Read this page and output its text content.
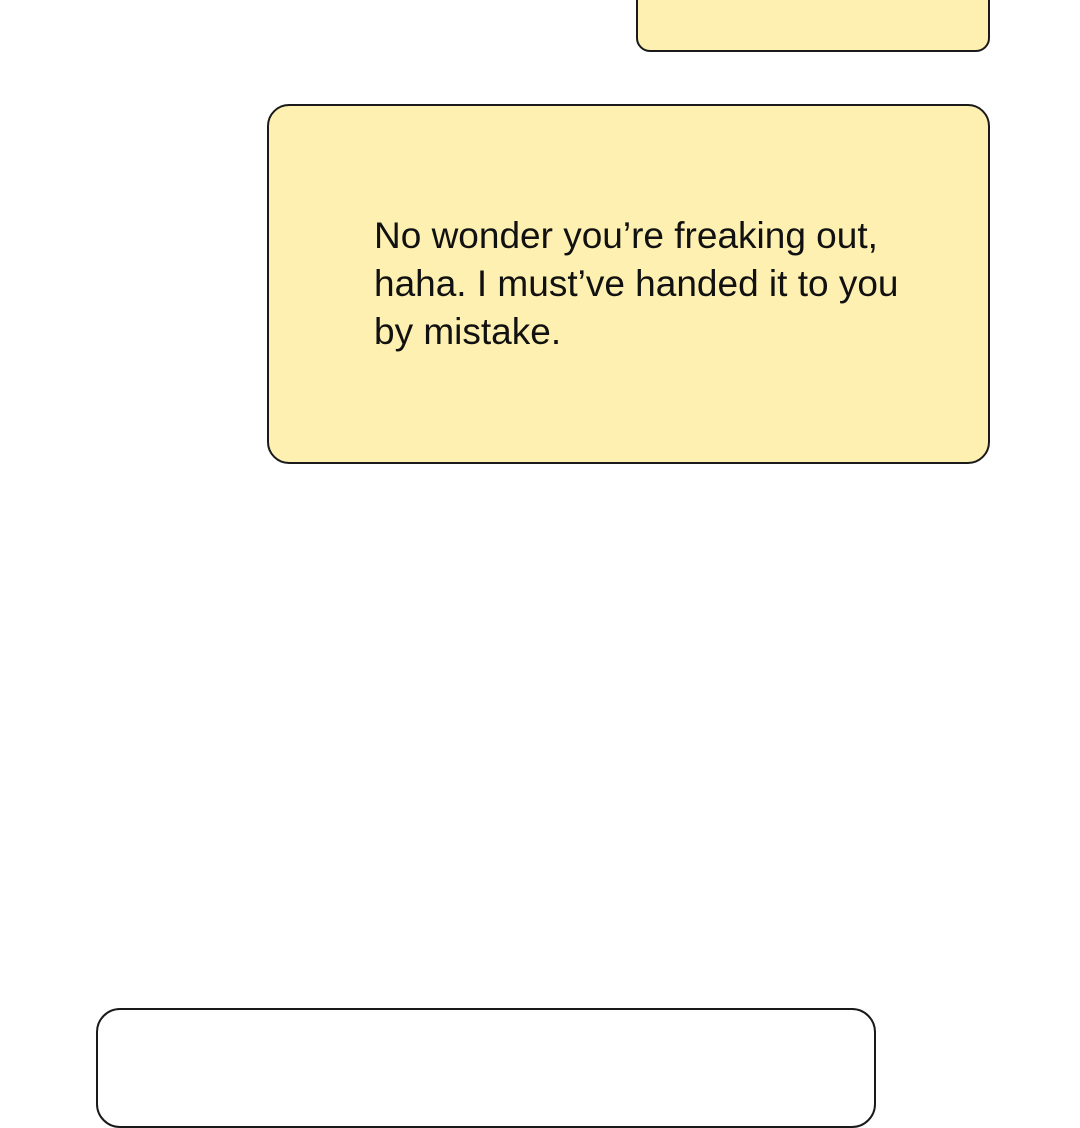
No wonder you’re freaking out, haha. I must’ve handed it to you by mistake.
